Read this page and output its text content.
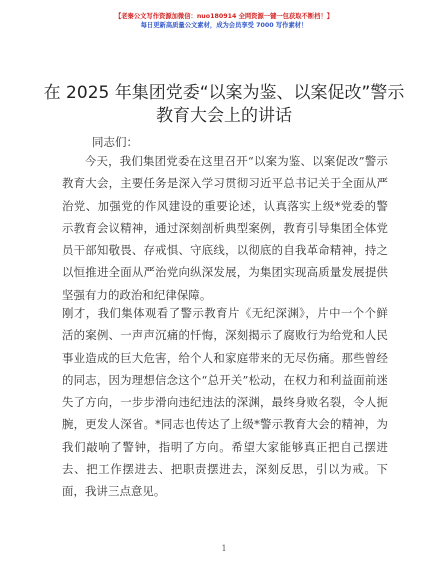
【老秦公文写作资源加微信：nuo180914 全网资源一键一包获取不断档！】
每日更新高质量公文素材，成为会员享受 7000 写作素材！
在 2025 年集团党委“以案为鉴、以案促改”警示教育大会上的讲话
同志们：

今天，我们集团党委在这里召开“以案为鉴、以案促改”警示教育大会，主要任务是深入学习贯彻习近平总书记关于全面从严治党、加强党的作风建设的重要论述，认真落实上级*党委的警示教育会议精神，通过深刻剖析典型案例，教育引导集团全体党员干部知敬畏、存戒惧、守底线，以彻底的自我革命精神，持之以恒推进全面从严治党向纵深发展，为集团实现高质量发展提供坚强有力的政治和纪律保障。

刚才，我们集体观看了警示教育片《无纪深渊》，片中一个个鲜活的案例、一声声沉痛的忏悔，深刻揭示了腐败行为给党和人民事业造成的巨大危害，给个人和家庭带来的无尽伤痛。那些曾经的同志，因为理想信念这个“总开关”松动，在权力和利益面前迷失了方向，一步步滑向违纪违法的深渊，最终身败名裂，令人扼腕，更发人深省。*同志也传达了上级*警示教育大会的精神，为我们敲响了警钟，指明了方向。希望大家能够真正把自己摆进去、把工作摆进去、把职责摆进去，深刻反思，引以为戒。下面，我讲三点意见。

1
